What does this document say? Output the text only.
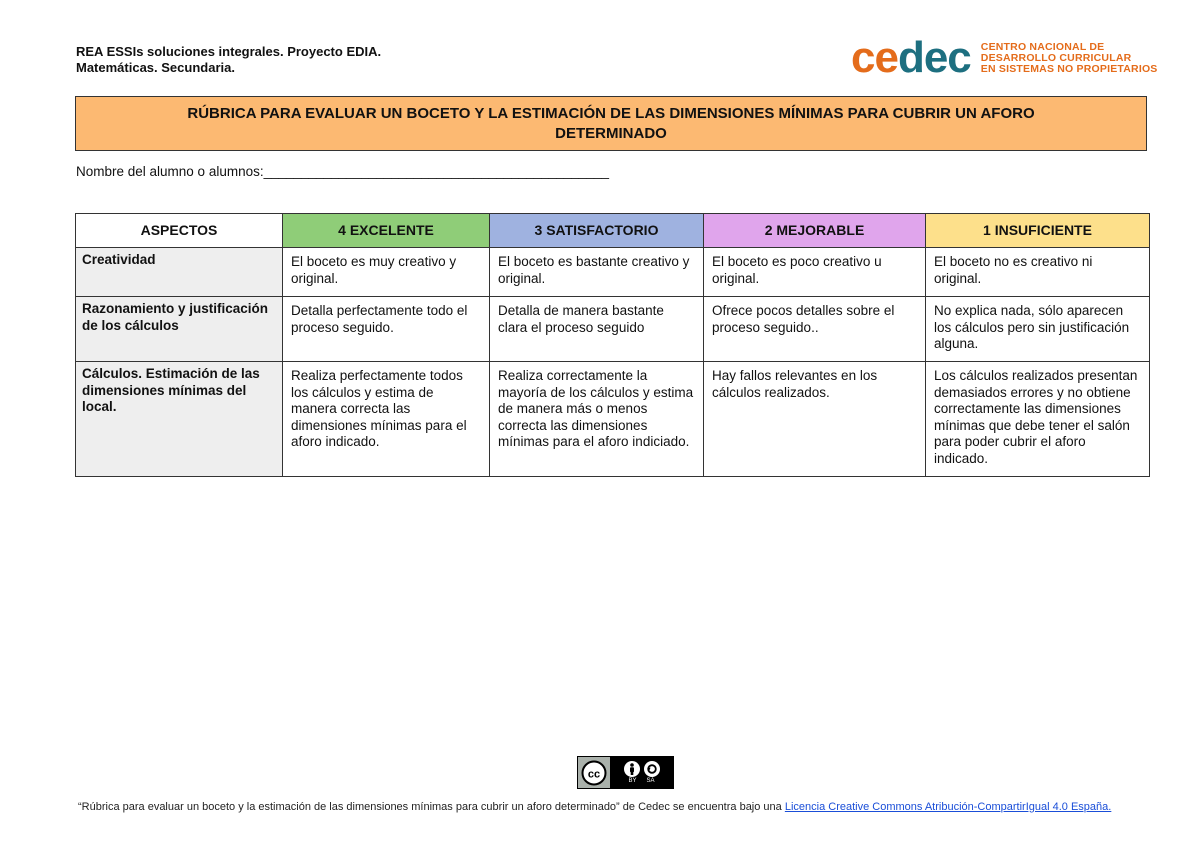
REA ESSIs soluciones integrales. Proyecto EDIA.
Matemáticas. Secundaria.	cedec CENTRO NACIONAL DE
DESARROLLO CURRICULAR
EN SISTEMAS NO PROPIETARIOS
RÚBRICA PARA EVALUAR UN BOCETO Y LA ESTIMACIÓN DE LAS DIMENSIONES MÍNIMAS PARA CUBRIR UN AFORO
DETERMINADO
Nombre del alumno o alumnos:______________________________________________
ASPECTOS	4 EXCELENTE	3 SATISFACTORIO	2 MEJORABLE	1 INSUFICIENTE
Creatividad	El boceto es muy creativo y original.	El boceto es bastante creativo y original.	El boceto es poco creativo u original.	El boceto no es creativo ni original.
Razonamiento y justificación de los cálculos	Detalla perfectamente todo el proceso seguido.	Detalla de manera bastante clara el proceso seguido	Ofrece pocos detalles sobre el proceso seguido..	No explica nada, sólo aparecen los cálculos pero sin justificación alguna.
Cálculos. Estimación de las dimensiones mínimas del local.	Realiza perfectamente todos los cálculos y estima de manera correcta las dimensiones mínimas para el aforo indicado.	Realiza correctamente la mayoría de los cálculos y estima de manera más o menos correcta las dimensiones mínimas para el aforo indiciado.	Hay fallos relevantes en los cálculos realizados.	Los cálculos realizados presentan demasiados errores y no obtiene correctamente las dimensiones mínimas que debe tener el salón para poder cubrir el aforo indicado.
cc
BY SA
“Rúbrica para evaluar un boceto y la estimación de las dimensiones mínimas para cubrir un aforo determinado” de Cedec se encuentra bajo una Licencia Creative Commons Atribución-CompartirIgual 4.0 España.
